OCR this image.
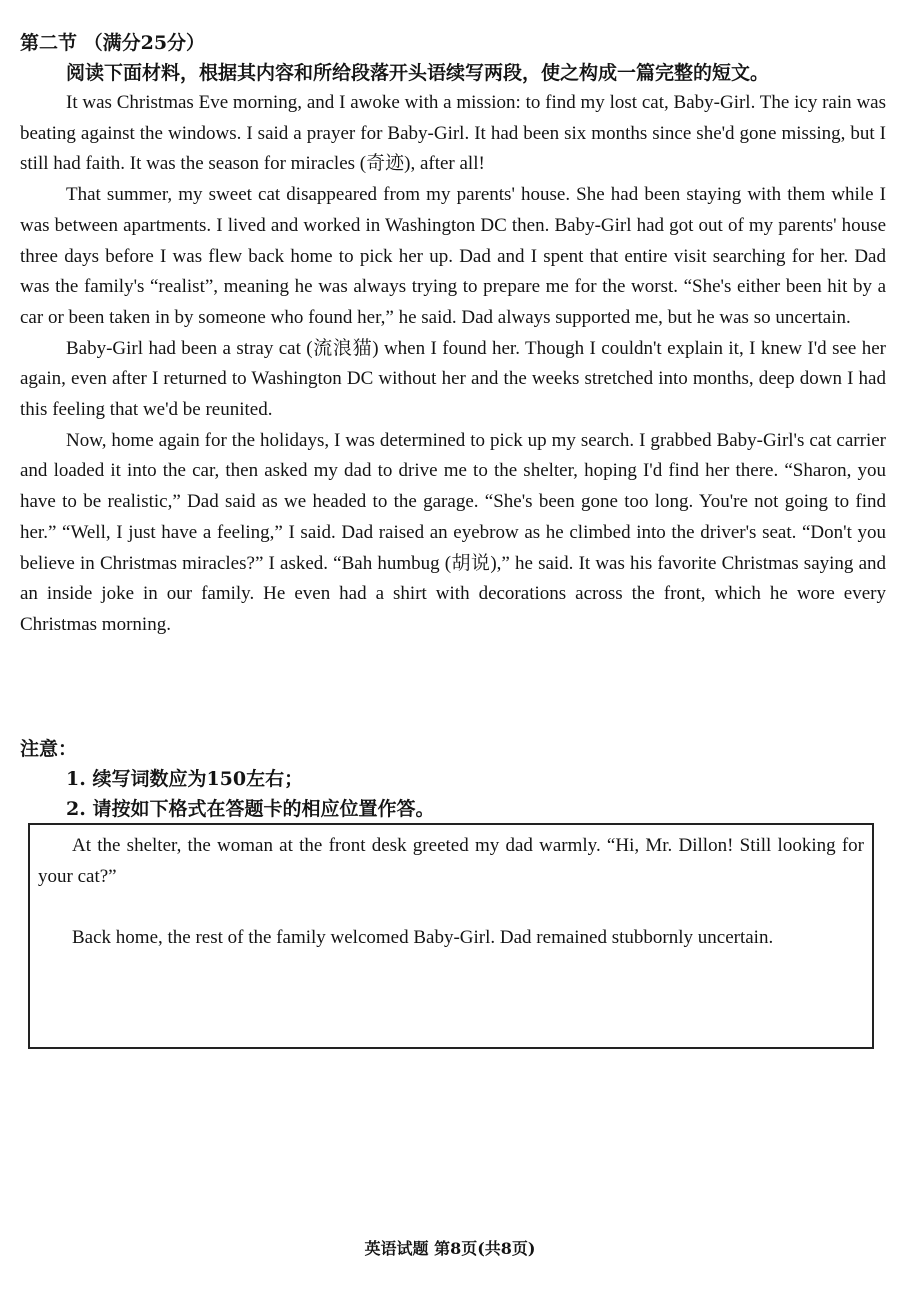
第二节 （满分25分）
阅读下面材料，根据其内容和所给段落开头语续写两段，使之构成一篇完整的短文。

It was Christmas Eve morning, and I awoke with a mission: to find my lost cat, Baby-Girl. The icy rain was beating against the windows. I said a prayer for Baby-Girl. It had been six months since she'd gone missing, but I still had faith. It was the season for miracles (奇迹), after all!

That summer, my sweet cat disappeared from my parents' house. She had been staying with them while I was between apartments. I lived and worked in Washington DC then. Baby-Girl had got out of my parents' house three days before I was flew back home to pick her up. Dad and I spent that entire visit searching for her. Dad was the family's “realist”, meaning he was always trying to prepare me for the worst. “She's either been hit by a car or been taken in by someone who found her,” he said. Dad always supported me, but he was so uncertain.

Baby-Girl had been a stray cat (流浪猫) when I found her. Though I couldn't explain it, I knew I'd see her again, even after I returned to Washington DC without her and the weeks stretched into months, deep down I had this feeling that we'd be reunited.

Now, home again for the holidays, I was determined to pick up my search. I grabbed Baby-Girl's cat carrier and loaded it into the car, then asked my dad to drive me to the shelter, hoping I'd find her there. “Sharon, you have to be realistic,” Dad said as we headed to the garage. “She's been gone too long. You're not going to find her.” “Well, I just have a feeling,” I said. Dad raised an eyebrow as he climbed into the driver's seat. “Don't you believe in Christmas miracles?” I asked. “Bah humbug (胡说),” he said. It was his favorite Christmas saying and an inside joke in our family. He even had a shirt with decorations across the front, which he wore every Christmas morning.

注意：
1. 续写词数应为150左右；
2. 请按如下格式在答题卡的相应位置作答。

At the shelter, the woman at the front desk greeted my dad warmly. “Hi, Mr. Dillon! Still looking for your cat?”

Back home, the rest of the family welcomed Baby-Girl. Dad remained stubbornly uncertain.

英语试题 第8页(共8页)
